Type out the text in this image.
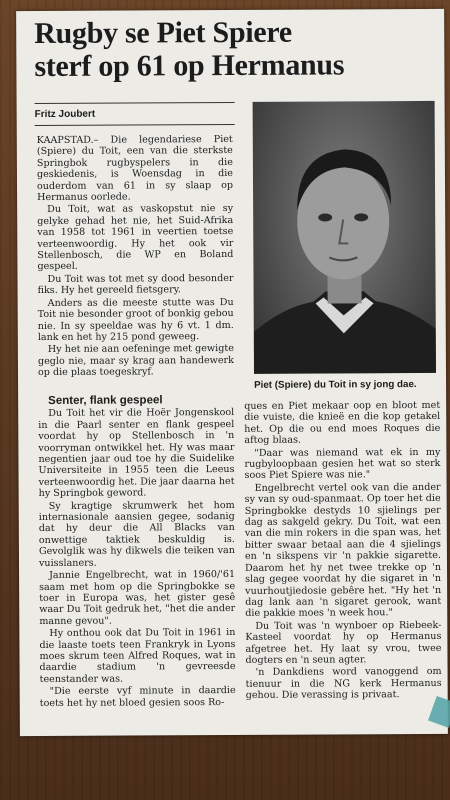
Rugby se Piet Spiere
sterf op 61 op Hermanus
Fritz Joubert
Piet (Spiere) du Toit in sy jong dae.

KAAPSTAD.– Die legendariese Piet (Spiere) du Toit, een van die sterkste Springbok rugbyspelers in die geskiedenis, is Woensdag in die ouderdom van 61 in sy slaap op Hermanus oorlede.

Du Toit, wat as vaskopstut nie sy gelyke gehad het nie, het Suid-Afrika van 1958 tot 1961 in veertien toetse verteenwoordig. Hy het ook vir Stellenbosch, die WP en Boland gespeel.

Du Toit was tot met sy dood besonder fiks. Hy het gereeld fietsgery.

Anders as die meeste stutte was Du Toit nie besonder groot of bonkig gebou nie. In sy speeldae was hy 6 vt. 1 dm. lank en het hy 215 pond geweeg.

Hy het nie aan oefeninge met gewigte geglo nie, maar sy krag aan handewerk op die plaas toegeskryf.

Senter, flank gespeel

Du Toit het vir die Hoër Jongenskool in die Paarl senter en flank gespeel voordat hy op Stellenbosch in 'n voorryman ontwikkel het. Hy was maar negentien jaar oud toe hy die Suidelike Universiteite in 1955 teen die Leeus verteenwoordig het. Die jaar daarna het hy Springbok geword.

Sy kragtige skrumwerk het hom internasionale aansien gegee, sodanig dat hy deur die All Blacks van onwettige taktiek beskuldig is. Gevolglik was hy dikwels die teiken van vuisslaners.

Jannie Engelbrecht, wat in 1960/'61 saam met hom op die Springbokke se toer in Europa was, het gister gesê waar Du Toit gedruk het, "het die ander manne gevou".

Hy onthou ook dat Du Toit in 1961 in die laaste toets teen Frankryk in Lyons moes skrum teen Alfred Roques, wat in daardie stadium 'n gevreesde teenstander was.

"Die eerste vyf minute in daardie toets het hy net bloed gesien soos Ro-

ques en Piet mekaar oop en bloot met die vuiste, die knieë en die kop getakel het. Op die ou end moes Roques die aftog blaas.

"Daar was niemand wat ek in my rugbyloopbaan gesien het wat so sterk soos Piet Spiere was nie."

Engelbrecht vertel ook van die ander sy van sy oud-spanmaat. Op toer het die Springbokke destyds 10 sjielings per dag as sakgeld gekry. Du Toit, wat een van die min rokers in die span was, het bitter swaar betaal aan die 4 sjielings en 'n sikspens vir 'n pakkie sigarette. Daarom het hy net twee trekke op 'n slag gegee voordat hy die sigaret in 'n vuurhoutjiedosie gebêre het. "Hy het 'n dag lank aan 'n sigaret gerook, want die pakkie moes 'n week hou."

Du Toit was 'n wynboer op Riebeek-Kasteel voordat hy op Hermanus afgetree het. Hy laat sy vrou, twee dogters en 'n seun agter.

'n Dankdiens word vanoggend om tienuur in die NG kerk Hermanus gehou. Die verassing is privaat.
